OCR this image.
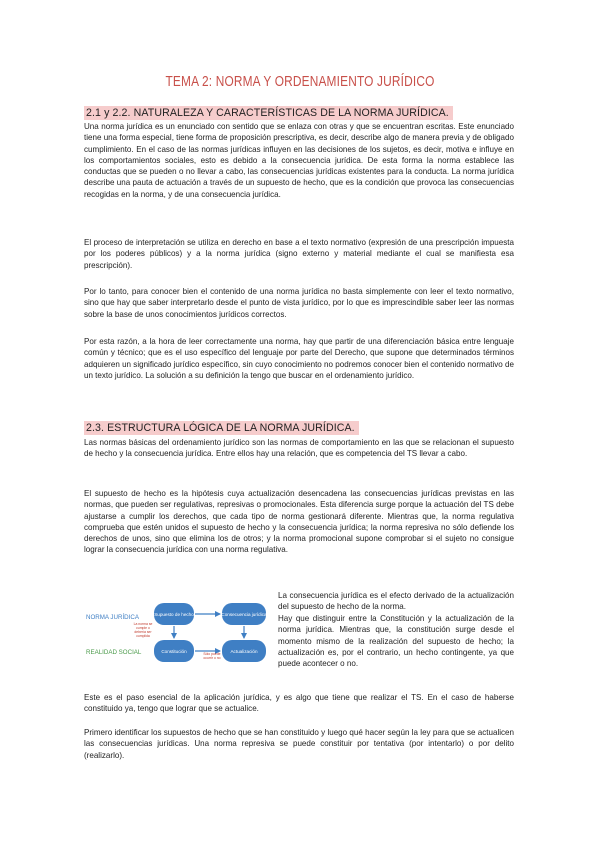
TEMA 2: NORMA Y ORDENAMIENTO JURÍDICO
2.1 y 2.2. NATURALEZA Y CARACTERÍSTICAS DE LA NORMA JURÍDICA.
Una norma jurídica es un enunciado con sentido que se enlaza con otras y que se encuentran escritas. Este enunciado tiene una forma especial, tiene forma de proposición prescriptiva, es decir, describe algo de manera previa y de obligado cumplimiento. En el caso de las normas jurídicas influyen en las decisiones de los sujetos, es decir, motiva e influye en los comportamientos sociales, esto es debido a la consecuencia jurídica. De esta forma la norma establece las conductas que se pueden o no llevar a cabo, las consecuencias jurídicas existentes para la conducta. La norma jurídica describe una pauta de actuación a través de un supuesto de hecho, que es la condición que provoca las consecuencias recogidas en la norma, y de una consecuencia jurídica.
El proceso de interpretación se utiliza en derecho en base a el texto normativo (expresión de una prescripción impuesta por los poderes públicos) y a la norma jurídica (signo externo y material mediante el cual se manifiesta esa prescripción).
Por lo tanto, para conocer bien el contenido de una norma jurídica no basta simplemente con leer el texto normativo, sino que hay que saber interpretarlo desde el punto de vista jurídico, por lo que es imprescindible saber leer las normas sobre la base de unos conocimientos jurídicos correctos.
Por esta razón, a la hora de leer correctamente una norma, hay que partir de una diferenciación básica entre lenguaje común y técnico; que es el uso específico del lenguaje por parte del Derecho, que supone que determinados términos adquieren un significado jurídico específico, sin cuyo conocimiento no podremos conocer bien el contenido normativo de un texto jurídico. La solución a su definición la tengo que buscar en el ordenamiento jurídico.
2.3. ESTRUCTURA LÓGICA DE LA NORMA JURÍDICA.
Las normas básicas del ordenamiento jurídico son las normas de comportamiento en las que se relacionan el supuesto de hecho y la consecuencia jurídica. Entre ellos hay una relación, que es competencia del TS llevar a cabo.
El supuesto de hecho es la hipótesis cuya actualización desencadena las consecuencias jurídicas previstas en las normas, que pueden ser regulativas, represivas o promocionales. Esta diferencia surge porque la actuación del TS debe ajustarse a cumplir los derechos, que cada tipo de norma gestionará diferente. Mientras que, la norma regulativa comprueba que estén unidos el supuesto de hecho y la consecuencia jurídica; la norma represiva no sólo defiende los derechos de unos, sino que elimina los de otros; y la norma promocional supone comprobar si el sujeto no consigue lograr la consecuencia jurídica con una norma regulativa.
NORMA JURÍDICA
REALIDAD SOCIAL
Supuesto de hecho	Consecuencia jurídica
Constitución	Actualización
La norma se cumple o debería ser cumplida
Sólo puede ocurrir o no
La consecuencia jurídica es el efecto derivado de la actualización del supuesto de hecho de la norma.
Hay que distinguir entre la Constitución y la actualización de la norma jurídica. Mientras que, la constitución surge desde el momento mismo de la realización del supuesto de hecho; la actualización es, por el contrario, un hecho contingente, ya que puede acontecer o no.
Este es el paso esencial de la aplicación jurídica, y es algo que tiene que realizar el TS. En el caso de haberse constituido ya, tengo que lograr que se actualice.
Primero identificar los supuestos de hecho que se han constituido y luego qué hacer según la ley para que se actualicen las consecuencias jurídicas. Una norma represiva se puede constituir por tentativa (por intentarlo) o por delito (realizarlo).
